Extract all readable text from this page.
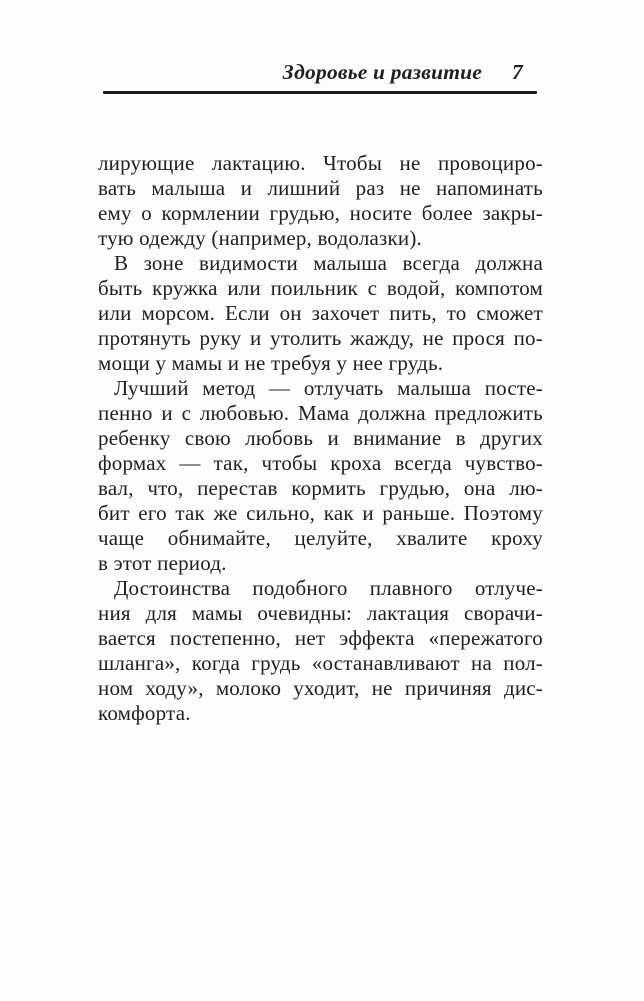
Здоровье и развитие 7
лирующие лактацию. Чтобы не провоциро-
вать малыша и лишний раз не напоминать
ему о кормлении грудью, носите более закры-
тую одежду (например, водолазки).
В зоне видимости малыша всегда должна
быть кружка или поильник с водой, компотом
или морсом. Если он захочет пить, то сможет
протянуть руку и утолить жажду, не прося по-
мощи у мамы и не требуя у нее грудь.
Лучший метод — отлучать малыша посте-
пенно и с любовью. Мама должна предложить
ребенку свою любовь и внимание в других
формах — так, чтобы кроха всегда чувство-
вал, что, перестав кормить грудью, она лю-
бит его так же сильно, как и раньше. Поэтому
чаще обнимайте, целуйте, хвалите кроху
в этот период.
Достоинства подобного плавного отлуче-
ния для мамы очевидны: лактация сворачи-
вается постепенно, нет эффекта «пережатого
шланга», когда грудь «останавливают на пол-
ном ходу», молоко уходит, не причиняя дис-
комфорта.
